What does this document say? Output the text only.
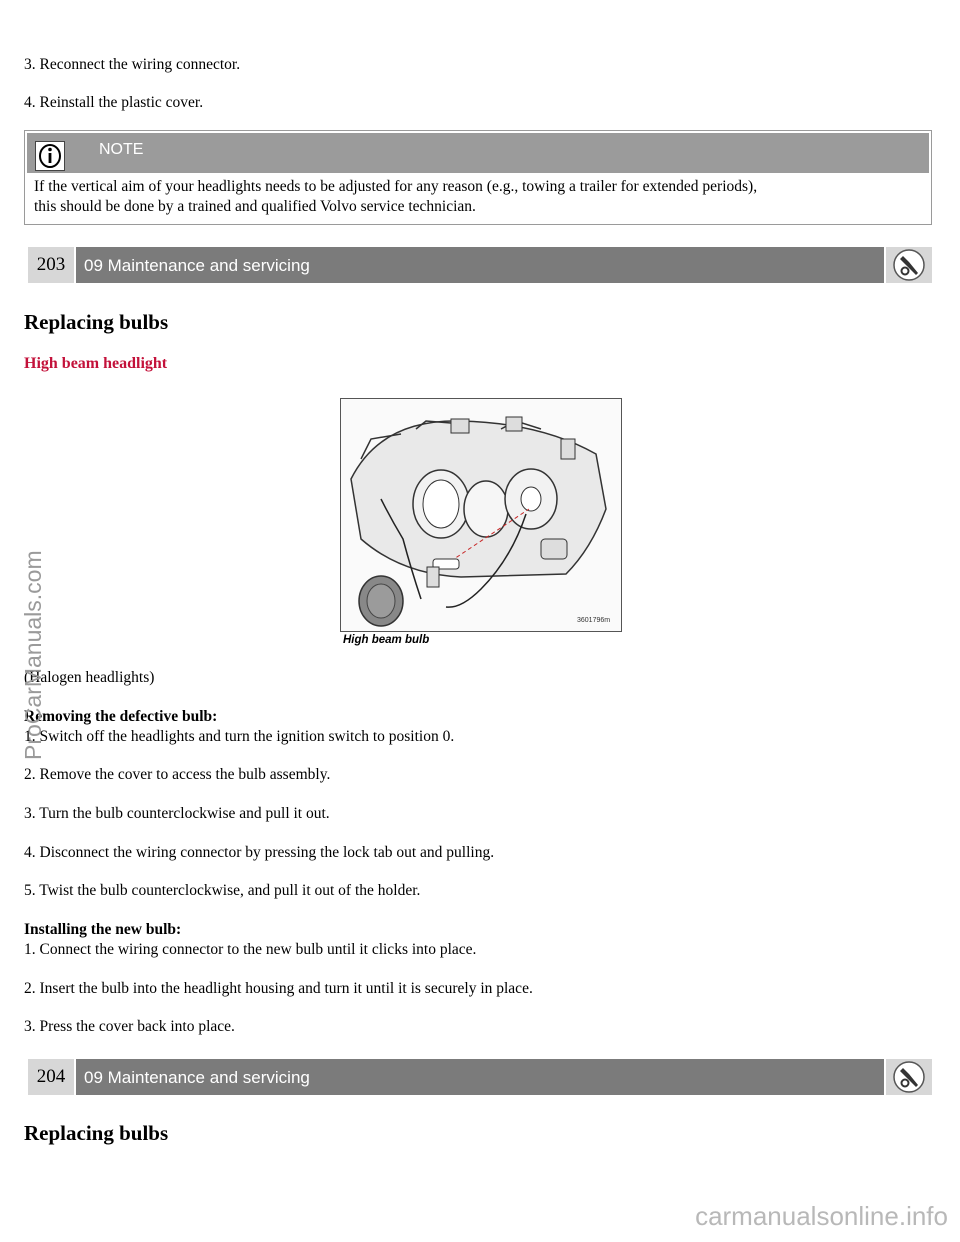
3. Reconnect the wiring connector.
4. Reinstall the plastic cover.
NOTE
If the vertical aim of your headlights needs to be adjusted for any reason (e.g., towing a trailer for extended periods),
this should be done by a trained and qualified Volvo service technician.
203	09 Maintenance and servicing
Replacing bulbs
High beam headlight
3601796m
High beam bulb
(Halogen headlights)
Removing the defective bulb:
1. Switch off the headlights and turn the ignition switch to position 0.
2. Remove the cover to access the bulb assembly.
3. Turn the bulb counterclockwise and pull it out.
4. Disconnect the wiring connector by pressing the lock tab out and pulling.
5. Twist the bulb counterclockwise, and pull it out of the holder.
Installing the new bulb:
1. Connect the wiring connector to the new bulb until it clicks into place.
2. Insert the bulb into the headlight housing and turn it until it is securely in place.
3. Press the cover back into place.
204	09 Maintenance and servicing
Replacing bulbs
ProCarManuals.com
carmanualsonline.info
